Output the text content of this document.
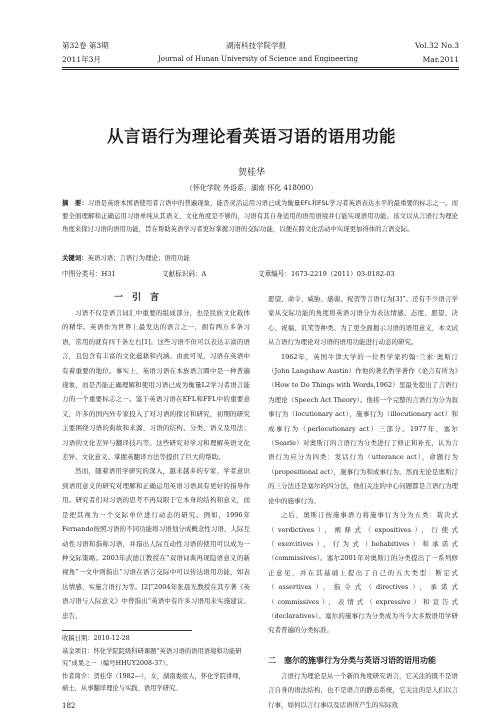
第32卷 第3期	湖南科技学院学报	Vol.32 No.3
2011年3月	Journal of Hunan University of Science and Engineering	Mar.2011
从言语行为理论看英语习语的语用功能
贺桂华
（怀化学院 外语系，湖南 怀化 418000）
摘　要：习语是英语本国语使用者言语中的普遍现象，能否灵活运用习语已成为衡量EFL和FSL学习者英语表达水平的最重要的标志之一。而要全面理解和正确运用习语单纯从其语义、文化角度是不够的，习语有其自身适用的语用语境并行能实现语用功能。该文以从言语行为理论角度来探讨习语的语用功能，旨在帮助英语学习者更好掌握习语的交际功能，以便在跨文化活动中实现更加得体的言语交际。
关键词：英语习语；言语行为理论；语用功能
中图分类号：H31	文献标识码：A	文章编号：1673-2219（2011）03-0182-03
一　引　言

习语不仅是语言词汇中重要的组成部分，也是民族文化载体的精华。英语作为世界上最发达的语言之一，拥有两万多条习语，常用的就有四千条左右[1]。这些习语不但可以表达丰富的语言，且包含有丰富的文化蕴藉和内涵。由此可见，习语在英语中有着重要的地位。事实上，英语习语在本族语言圈中是一种普遍现象，而是否能正确理解和使用习语已成为衡量L2学习者语言能力的一个重要标志之一。鉴于英语习语在EFL和FFL中的重要意义，许多的国内外专家投入了对习语的探讨和研究，初期的研究主要围绕习语的典故和来源、习语的结构、分类、语义及用法；习语的文化差异与翻译技巧等。这些研究对学习和理解英语文化差异、文化意义、掌握英翻译方法等提供了巨大的帮助。

然而，随着语用学研究的深入，越来越多的专家、学者意识到语用意义的研究对理解和正确运用英语习语具有更好的指导作用。研究者们对习语的思考不再局限于它本身的结构和意义，而是把其视为一个交际单位进行动态的研究。例如，1996年Fernando按照习语的不同功能将习语划分成概念性习语、人际互动性习语和指称习语，并指出人际互动性习语的使用可以成为一种交际策略。2003年武德江教授在“双语词典再现隐语意义的新视角”一文中则指出“习语在语言交际中可以传达语用功能，如表达情感、实施言语行为等。[2]”2004年张晨光教授在其专著《英语习语与人际意义》中曾指出“英语中有许多习语用来实施建议、忠告、

愿望、命令、威胁、感谢、祝贺等言语行为[3]”。还有不少语言学家从交际功能的角度将英语习语分为表达情感、态度、愿望、决心、祝福、讥笑等种类。为了更全面揭示习语的语用意义，本文试从言语行为理论对习语的语用功能进行动态的研究。

1962年，英国牛津大学的一位哲学家约翰·兰索·奥斯汀（John Langshaw Austin）作他的著名哲学著作《论言有所为》（How to Do Things with Words,1962）里最先提出了言语行为理论（Speech Act Theory）。他将一个完整的言语行为分为叙事行为（locutionary act），施事行为（illocutionary act）和成事行为（perlocutionary act）三部分。1977年，塞尔（Searle）对奥斯汀的言语行为分类进行了修正和补充，认为言语行为应分为四类：发话行为（utterance act），命题行为（propositional act），施事行为和成事行为。然而无论是奥斯汀的三分法还是塞尔的四分法，他们关注的中心问题都是言语行为理论中的施事行为。

之后，奥斯汀按施事语力将施事行为分为五类：裁决式（verdictives），阐释式（expositives），行使式（exercitives），行为式（behabitives）和承诺式（commissives）。塞尔2001年对奥斯汀的分类提出了一系列修正意见，并在其基础上提出了自己的五大类型：断定式（assertives），指令式（directives），承诺式（commissives），表情式（expressive）和宣告式（declaratives）。塞尔的施事行为分类成为当今大多数语用学研究者普遍的分类标准。

二　塞尔的施事行为分类与英语习语的语用功能

言语行为理论是从一个新的角度研究语言，它关注的既不是语言自身的语法结构，也不是语言的静态系统，它关注的是人们以言行事，如何以言行事以及话语所产生的实际效

收稿日期：2010-12-28

基金项目：怀化学院院级科研课题“英语习语的语用语境和功能研究”成果之一（编号HHUY2008-37）。

作者简介：贺桂华（1982—），女，湖南娄底人，怀化学院讲师，硕士，从事翻译理论与实践、语用学研究。

182
